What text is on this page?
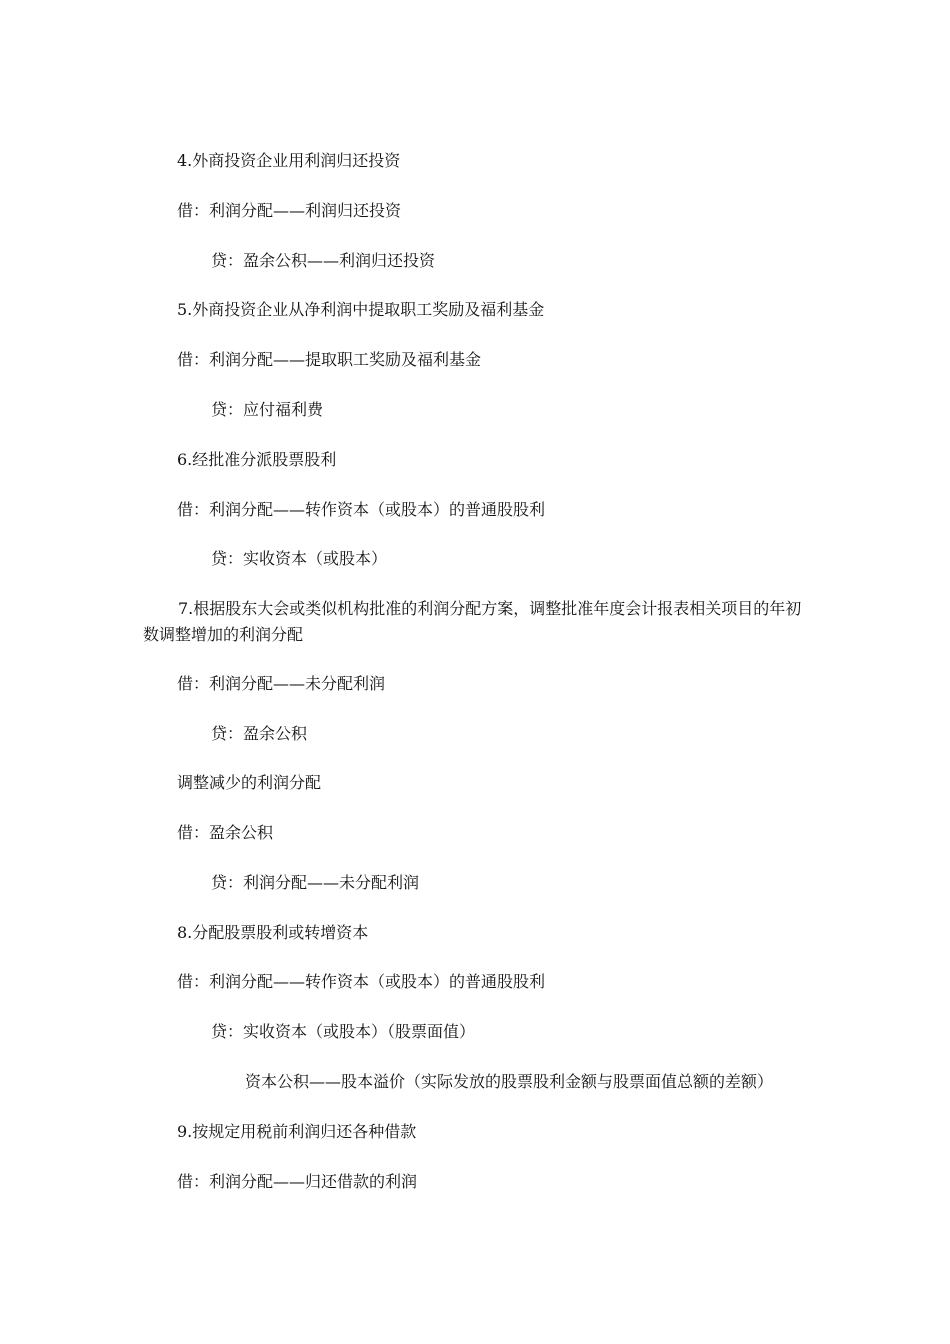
4.外商投资企业用利润归还投资
借：利润分配——利润归还投资
贷：盈余公积——利润归还投资
5.外商投资企业从净利润中提取职工奖励及福利基金
借：利润分配——提取职工奖励及福利基金
贷：应付福利费
6.经批准分派股票股利
借：利润分配——转作资本（或股本）的普通股股利
贷：实收资本（或股本）
7.根据股东大会或类似机构批准的利润分配方案，调整批准年度会计报表相关项目的年初数调整增加的利润分配
借：利润分配——未分配利润
贷：盈余公积
调整减少的利润分配
借：盈余公积
贷：利润分配——未分配利润
8.分配股票股利或转增资本
借：利润分配——转作资本（或股本）的普通股股利
贷：实收资本（或股本）（股票面值）
资本公积——股本溢价（实际发放的股票股利金额与股票面值总额的差额）
9.按规定用税前利润归还各种借款
借：利润分配——归还借款的利润
